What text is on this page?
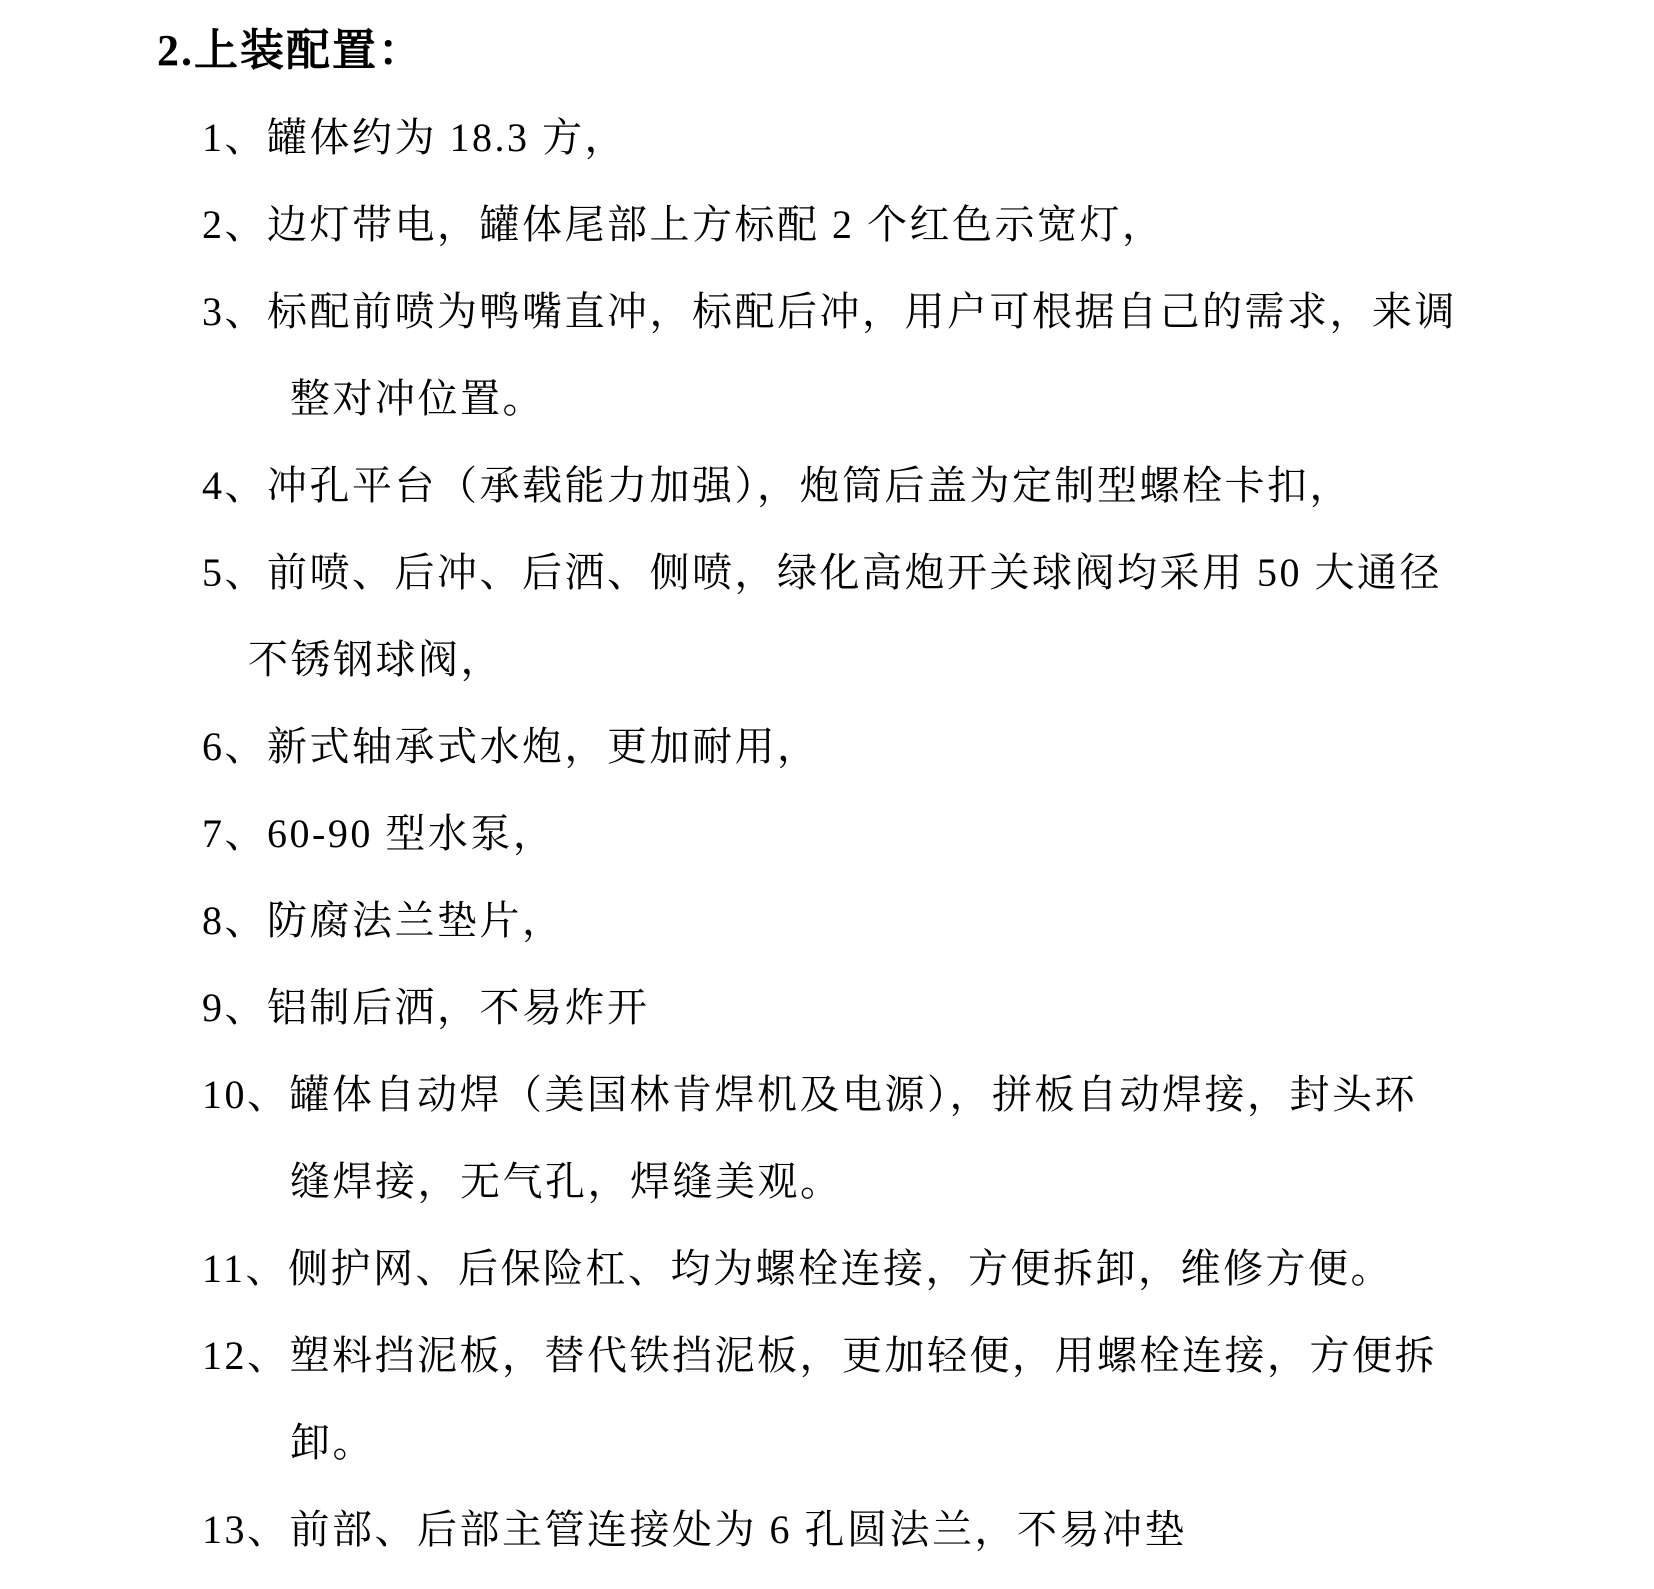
2.上装配置：
1、罐体约为 18.3 方，
2、边灯带电，罐体尾部上方标配 2 个红色示宽灯，
3、标配前喷为鸭嘴直冲，标配后冲，用户可根据自己的需求，来调
整对冲位置。
4、冲孔平台（承载能力加强），炮筒后盖为定制型螺栓卡扣，
5、前喷、后冲、后洒、侧喷，绿化高炮开关球阀均采用 50 大通径
不锈钢球阀，
6、新式轴承式水炮，更加耐用，
7、60-90 型水泵，
8、防腐法兰垫片，
9、铝制后洒，不易炸开
10、罐体自动焊（美国林肯焊机及电源），拼板自动焊接，封头环
缝焊接，无气孔，焊缝美观。
11、侧护网、后保险杠、均为螺栓连接，方便拆卸，维修方便。
12、塑料挡泥板，替代铁挡泥板，更加轻便，用螺栓连接，方便拆
卸。
13、前部、后部主管连接处为 6 孔圆法兰，不易冲垫
